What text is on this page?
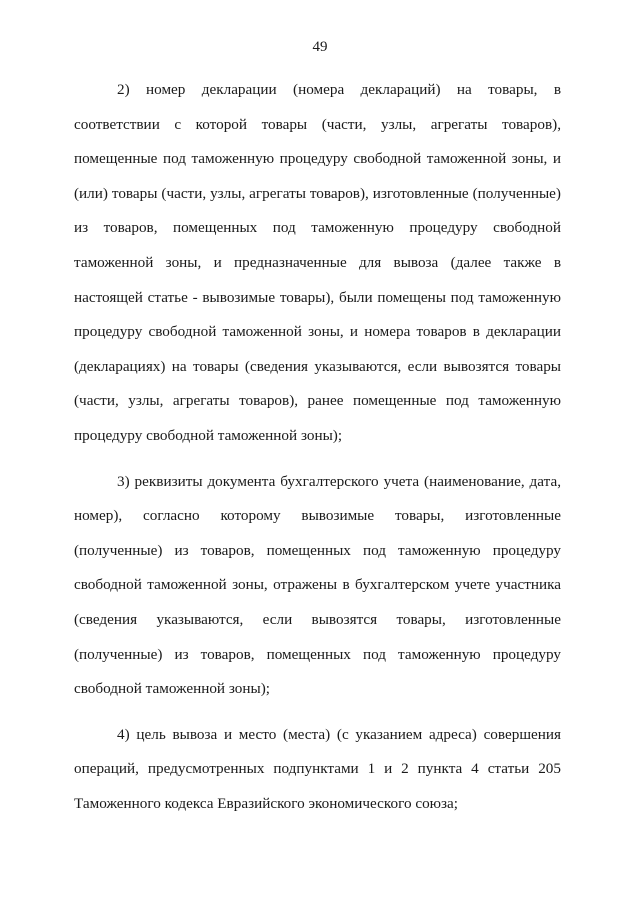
49

2) номер декларации (номера деклараций) на товары, в соответствии с которой товары (части, узлы, агрегаты товаров), помещенные под таможенную процедуру свободной таможенной зоны, и (или) товары (части, узлы, агрегаты товаров), изготовленные (полученные) из товаров, помещенных под таможенную процедуру свободной таможенной зоны, и предназначенные для вывоза (далее также в настоящей статье - вывозимые товары), были помещены под таможенную процедуру свободной таможенной зоны, и номера товаров в декларации (декларациях) на товары (сведения указываются, если вывозятся товары (части, узлы, агрегаты товаров), ранее помещенные под таможенную процедуру свободной таможенной зоны);

3) реквизиты документа бухгалтерского учета (наименование, дата, номер), согласно которому вывозимые товары, изготовленные (полученные) из товаров, помещенных под таможенную процедуру свободной таможенной зоны, отражены в бухгалтерском учете участника (сведения указываются, если вывозятся товары, изготовленные (полученные) из товаров, помещенных под таможенную процедуру свободной таможенной зоны);

4) цель вывоза и место (места) (с указанием адреса) совершения операций, предусмотренных подпунктами 1 и 2 пункта 4 статьи 205 Таможенного кодекса Евразийского экономического союза;
